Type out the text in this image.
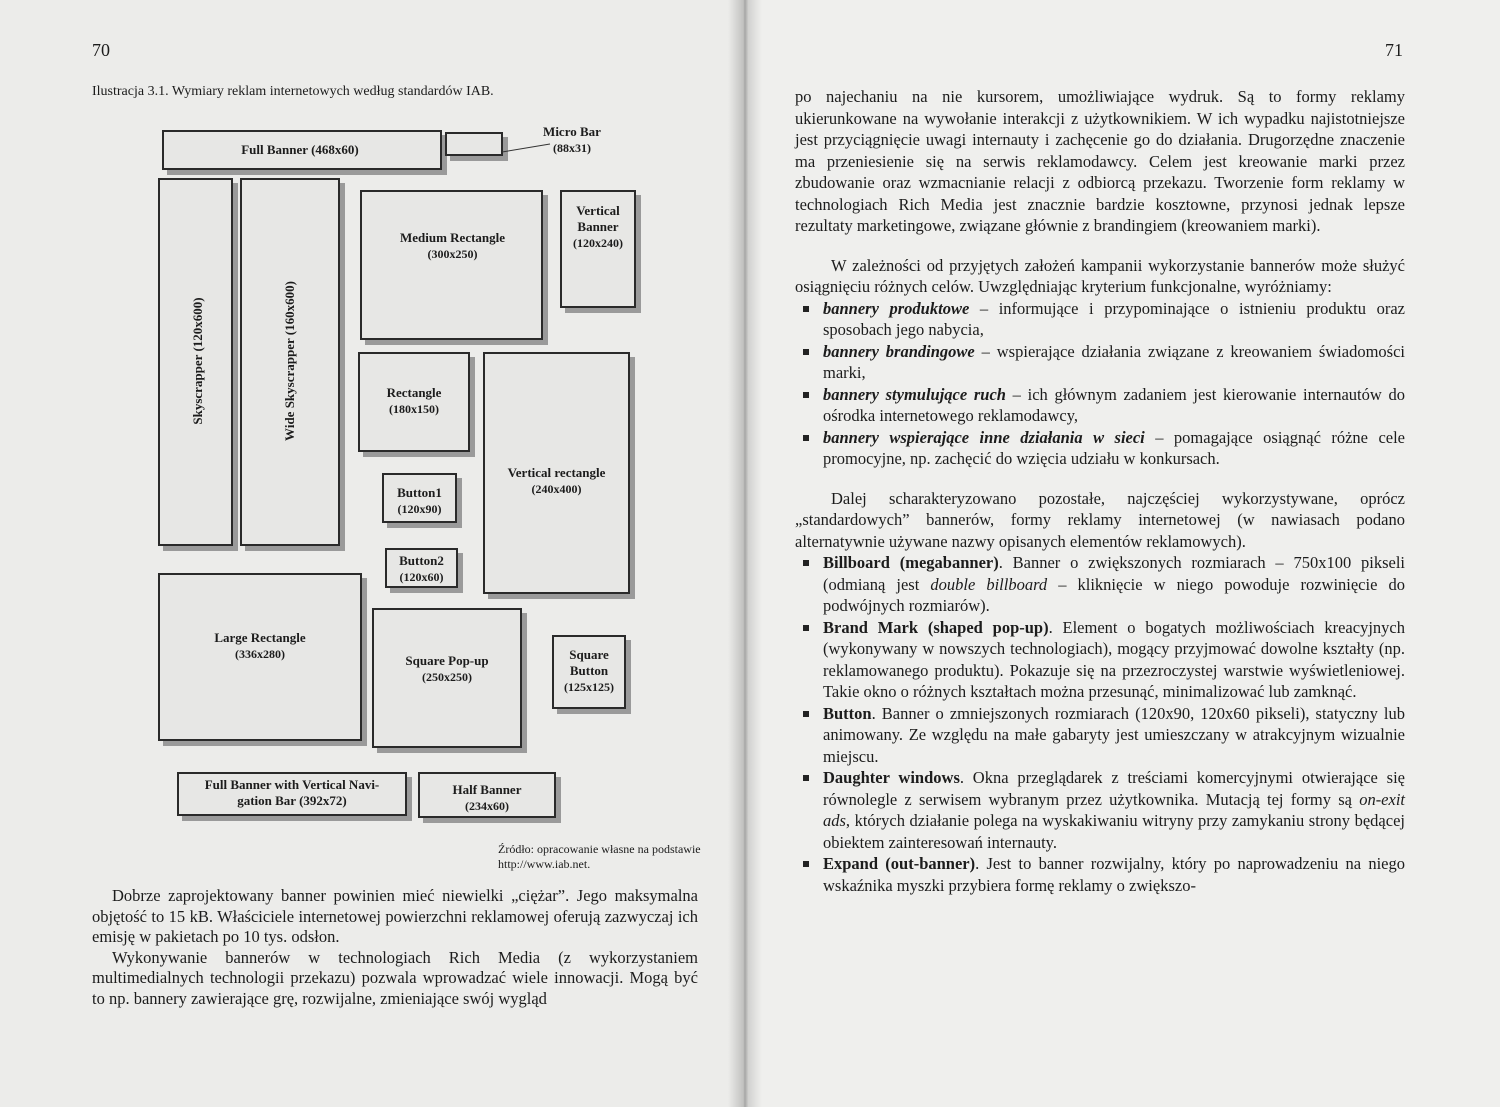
70
Ilustracja 3.1. Wymiary reklam internetowych według standardów IAB.
Full Banner (468x60)
Micro Bar
(88x31)
Skyscrapper (120x600)	Wide Skyscrapper (160x600)
Medium Rectangle
(300x250)
Vertical Banner
(120x240)
Rectangle
(180x150)
Vertical rectangle
(240x400)
Button1
(120x90)
Button2
(120x60)
Large Rectangle
(336x280)	Square Pop-up
(250x250)
Square Button
(125x125)
Full Banner with Vertical Navi-
gation Bar (392x72)
Half Banner
(234x60)
Źródło: opracowanie własne na podstawie http://www.iab.net.

Dobrze zaprojektowany banner powinien mieć niewielki „ciężar”. Jego maksymalna objętość to 15 kB. Właściciele internetowej powierzchni reklamowej oferują zazwyczaj ich emisję w pakietach po 10 tys. odsłon.

Wykonywanie bannerów w technologiach Rich Media (z wykorzystaniem multimedialnych technologii przekazu) pozwala wprowadzać wiele innowacji. Mogą być to np. bannery zawierające grę, rozwijalne, zmieniające swój wygląd

71

po najechaniu na nie kursorem, umożliwiające wydruk. Są to formy reklamy ukierunkowane na wywołanie interakcji z użytkownikiem. W ich wypadku najistotniejsze jest przyciągnięcie uwagi internauty i zachęcenie go do działania. Drugorzędne znaczenie ma przeniesienie się na serwis reklamodawcy. Celem jest kreowanie marki przez zbudowanie oraz wzmacnianie relacji z odbiorcą przekazu. Tworzenie form reklamy w technologiach Rich Media jest znacznie bardzie kosztowne, przynosi jednak lepsze rezultaty marketingowe, związane głównie z brandingiem (kreowaniem marki).

W zależności od przyjętych założeń kampanii wykorzystanie bannerów może służyć osiągnięciu różnych celów. Uwzględniając kryterium funkcjonalne, wyróżniamy:

bannery produktowe – informujące i przypominające o istnieniu produktu oraz sposobach jego nabycia,
bannery brandingowe – wspierające działania związane z kreowaniem świadomości marki,
bannery stymulujące ruch – ich głównym zadaniem jest kierowanie internautów do ośrodka internetowego reklamodawcy,
bannery wspierające inne działania w sieci – pomagające osiągnąć różne cele promocyjne, np. zachęcić do wzięcia udziału w konkursach.

Dalej scharakteryzowano pozostałe, najczęściej wykorzystywane, oprócz „standardowych” bannerów, formy reklamy internetowej (w nawiasach podano alternatywnie używane nazwy opisanych elementów reklamowych).

Billboard (megabanner). Banner o zwiększonych rozmiarach – 750x100 pikseli (odmianą jest double billboard – kliknięcie w niego powoduje rozwinięcie do podwójnych rozmiarów).
Brand Mark (shaped pop-up). Element o bogatych możliwościach kreacyjnych (wykonywany w nowszych technologiach), mogący przyjmować dowolne kształty (np. reklamowanego produktu). Pokazuje się na przezroczystej warstwie wyświetleniowej. Takie okno o różnych kształtach można przesunąć, minimalizować lub zamknąć.
Button. Banner o zmniejszonych rozmiarach (120x90, 120x60 pikseli), statyczny lub animowany. Ze względu na małe gabaryty jest umieszczany w atrakcyjnym wizualnie miejscu.
Daughter windows. Okna przeglądarek z treściami komercyjnymi otwierające się równolegle z serwisem wybranym przez użytkownika. Mutacją tej formy są on-exit ads, których działanie polega na wyskakiwaniu witryny przy zamykaniu strony będącej obiektem zainteresowań internauty.
Expand (out-banner). Jest to banner rozwijalny, który po naprowadzeniu na niego wskaźnika myszki przybiera formę reklamy o zwiększo-
